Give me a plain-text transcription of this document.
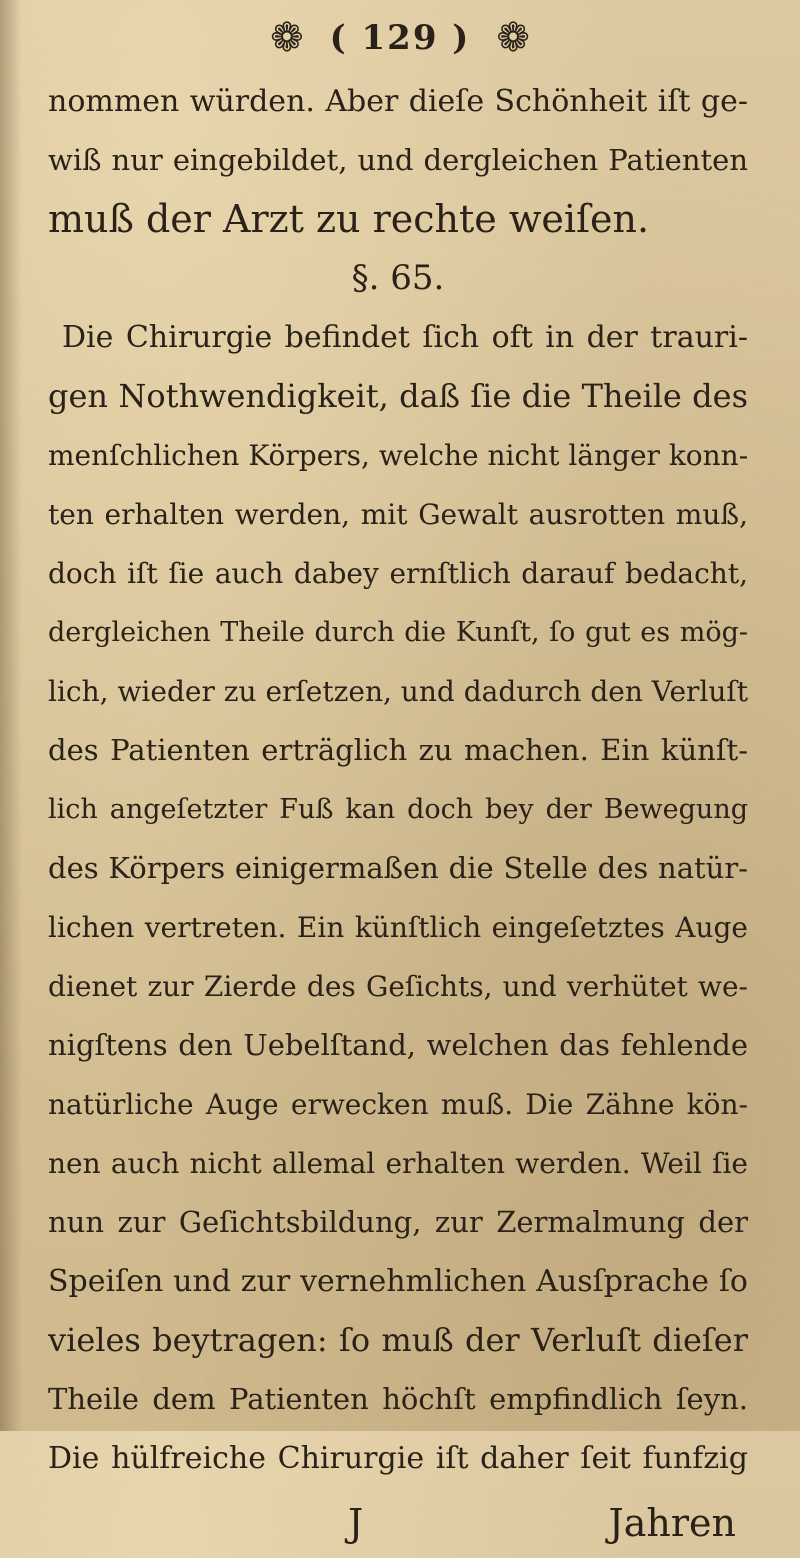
❁ ( 129 ) ❁
nommen würden. Aber dieſe Schönheit iſt ge-
wiß nur eingebildet, und dergleichen Patienten
muß der Arzt zu rechte weiſen.
§. 65.
Die Chirurgie befindet ſich oft in der trauri-
gen Nothwendigkeit, daß ſie die Theile des
menſchlichen Körpers, welche nicht länger konn-
ten erhalten werden, mit Gewalt ausrotten muß,
doch iſt ſie auch dabey ernſtlich darauf bedacht,
dergleichen Theile durch die Kunſt, ſo gut es mög-
lich, wieder zu erſetzen, und dadurch den Verluſt
des Patienten erträglich zu machen. Ein künſt-
lich angeſetzter Fuß kan doch bey der Bewegung
des Körpers einigermaßen die Stelle des natür-
lichen vertreten. Ein künſtlich eingeſetztes Auge
dienet zur Zierde des Geſichts, und verhütet we-
nigſtens den Uebelſtand, welchen das fehlende
natürliche Auge erwecken muß. Die Zähne kön-
nen auch nicht allemal erhalten werden. Weil ſie
nun zur Geſichtsbildung, zur Zermalmung der
Speiſen und zur vernehmlichen Ausſprache ſo
vieles beytragen: ſo muß der Verluſt dieſer
Theile dem Patienten höchſt empfindlich ſeyn.
Die hülfreiche Chirurgie iſt daher ſeit funfzig
J	Jahren
